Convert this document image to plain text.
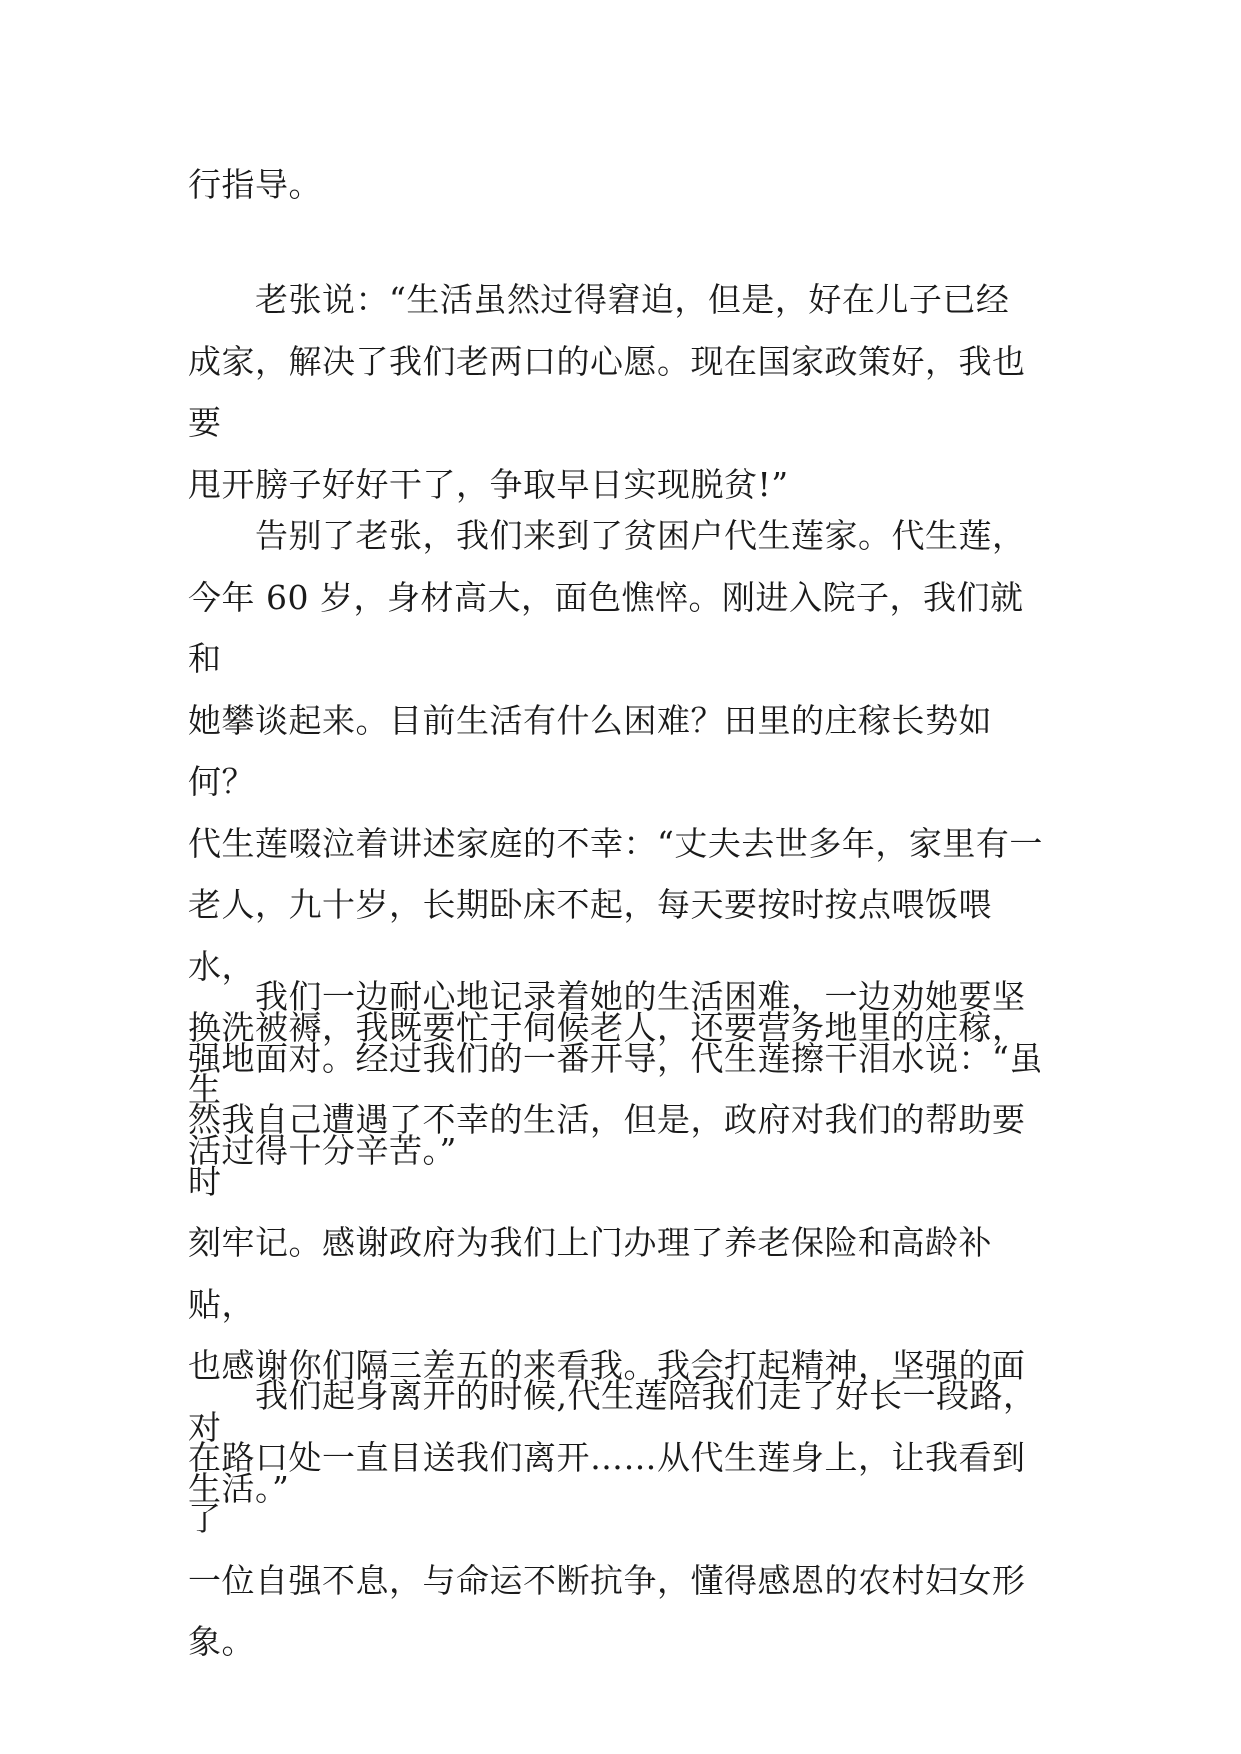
行指导。

　　老张说：“生活虽然过得窘迫，但是，好在儿子已经
成家，解决了我们老两口的心愿。现在国家政策好，我也要
甩开膀子好好干了，争取早日实现脱贫!”

　　告别了老张，我们来到了贫困户代生莲家。代生莲，
今年 60 岁，身材高大，面色憔悴。刚进入院子，我们就和
她攀谈起来。目前生活有什么困难？田里的庄稼长势如何？
代生莲啜泣着讲述家庭的不幸：“丈夫去世多年，家里有一
老人，九十岁，长期卧床不起，每天要按时按点喂饭喂水，
换洗被褥，我既要忙于伺候老人，还要营务地里的庄稼，生
活过得十分辛苦。”

　　我们一边耐心地记录着她的生活困难，一边劝她要坚
强地面对。经过我们的一番开导，代生莲擦干泪水说：“虽
然我自己遭遇了不幸的生活，但是，政府对我们的帮助要时
刻牢记。感谢政府为我们上门办理了养老保险和高龄补贴，
也感谢你们隔三差五的来看我。我会打起精神，坚强的面对
生活。”

　　我们起身离开的时候,代生莲陪我们走了好长一段路，
在路口处一直目送我们离开……从代生莲身上，让我看到了
一位自强不息，与命运不断抗争，懂得感恩的农村妇女形象。
